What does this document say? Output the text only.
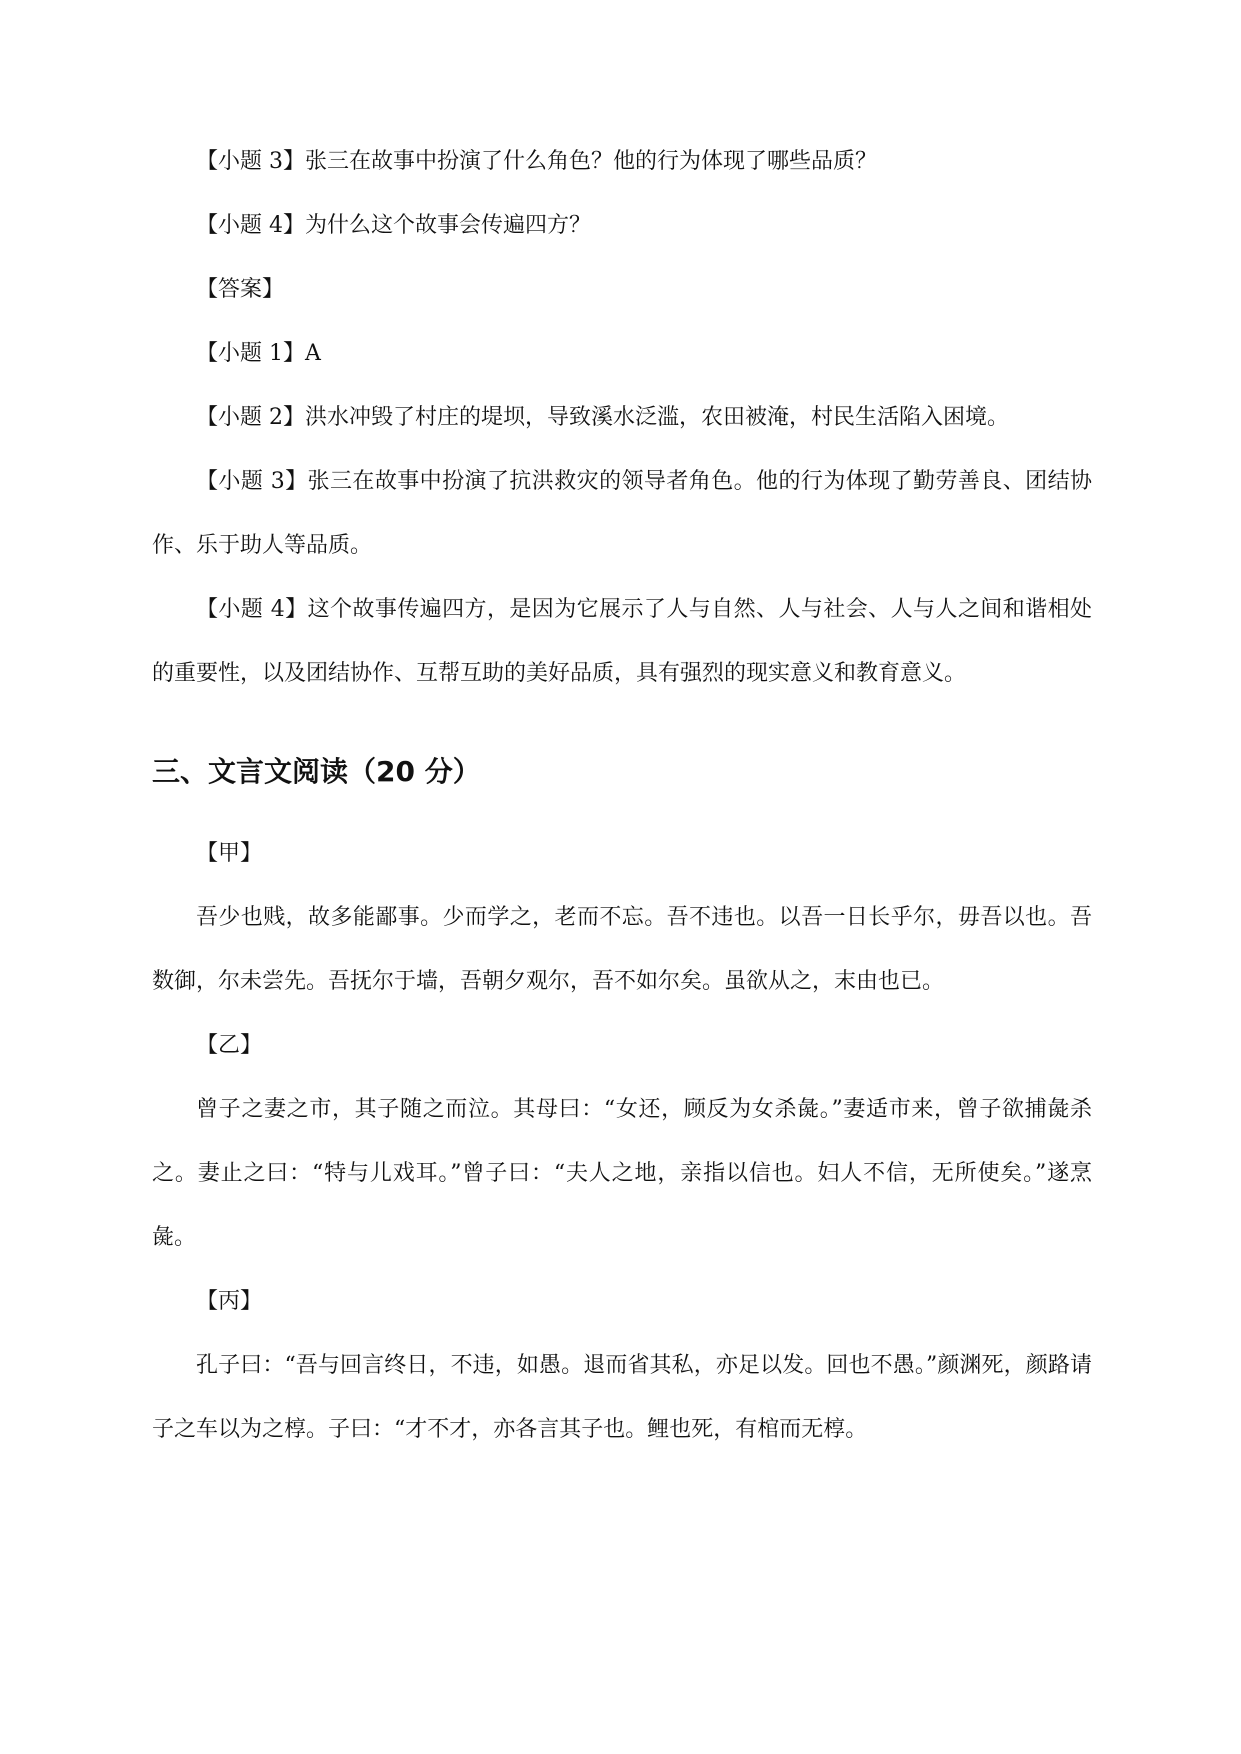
【小题 3】张三在故事中扮演了什么角色？他的行为体现了哪些品质？

【小题 4】为什么这个故事会传遍四方？

【答案】

【小题 1】A

【小题 2】洪水冲毁了村庄的堤坝，导致溪水泛滥，农田被淹，村民生活陷入困境。

【小题 3】张三在故事中扮演了抗洪救灾的领导者角色。他的行为体现了勤劳善良、团结协作、乐于助人等品质。

【小题 4】这个故事传遍四方，是因为它展示了人与自然、人与社会、人与人之间和谐相处的重要性，以及团结协作、互帮互助的美好品质，具有强烈的现实意义和教育意义。

三、文言文阅读（20 分）

【甲】

吾少也贱，故多能鄙事。少而学之，老而不忘。吾不违也。以吾一日长乎尔，毋吾以也。吾数御，尔未尝先。吾抚尔于墙，吾朝夕观尔，吾不如尔矣。虽欲从之，末由也已。

【乙】

曾子之妻之市，其子随之而泣。其母曰：“女还，顾反为女杀彘。”妻适市来，曾子欲捕彘杀之。妻止之曰：“特与儿戏耳。”曾子曰：“夫人之地，亲指以信也。妇人不信，无所使矣。”遂烹彘。

【丙】

孔子曰：“吾与回言终日，不违，如愚。退而省其私，亦足以发。回也不愚。”颜渊死，颜路请子之车以为之椁。子曰：“才不才，亦各言其子也。鲤也死，有棺而无椁。
